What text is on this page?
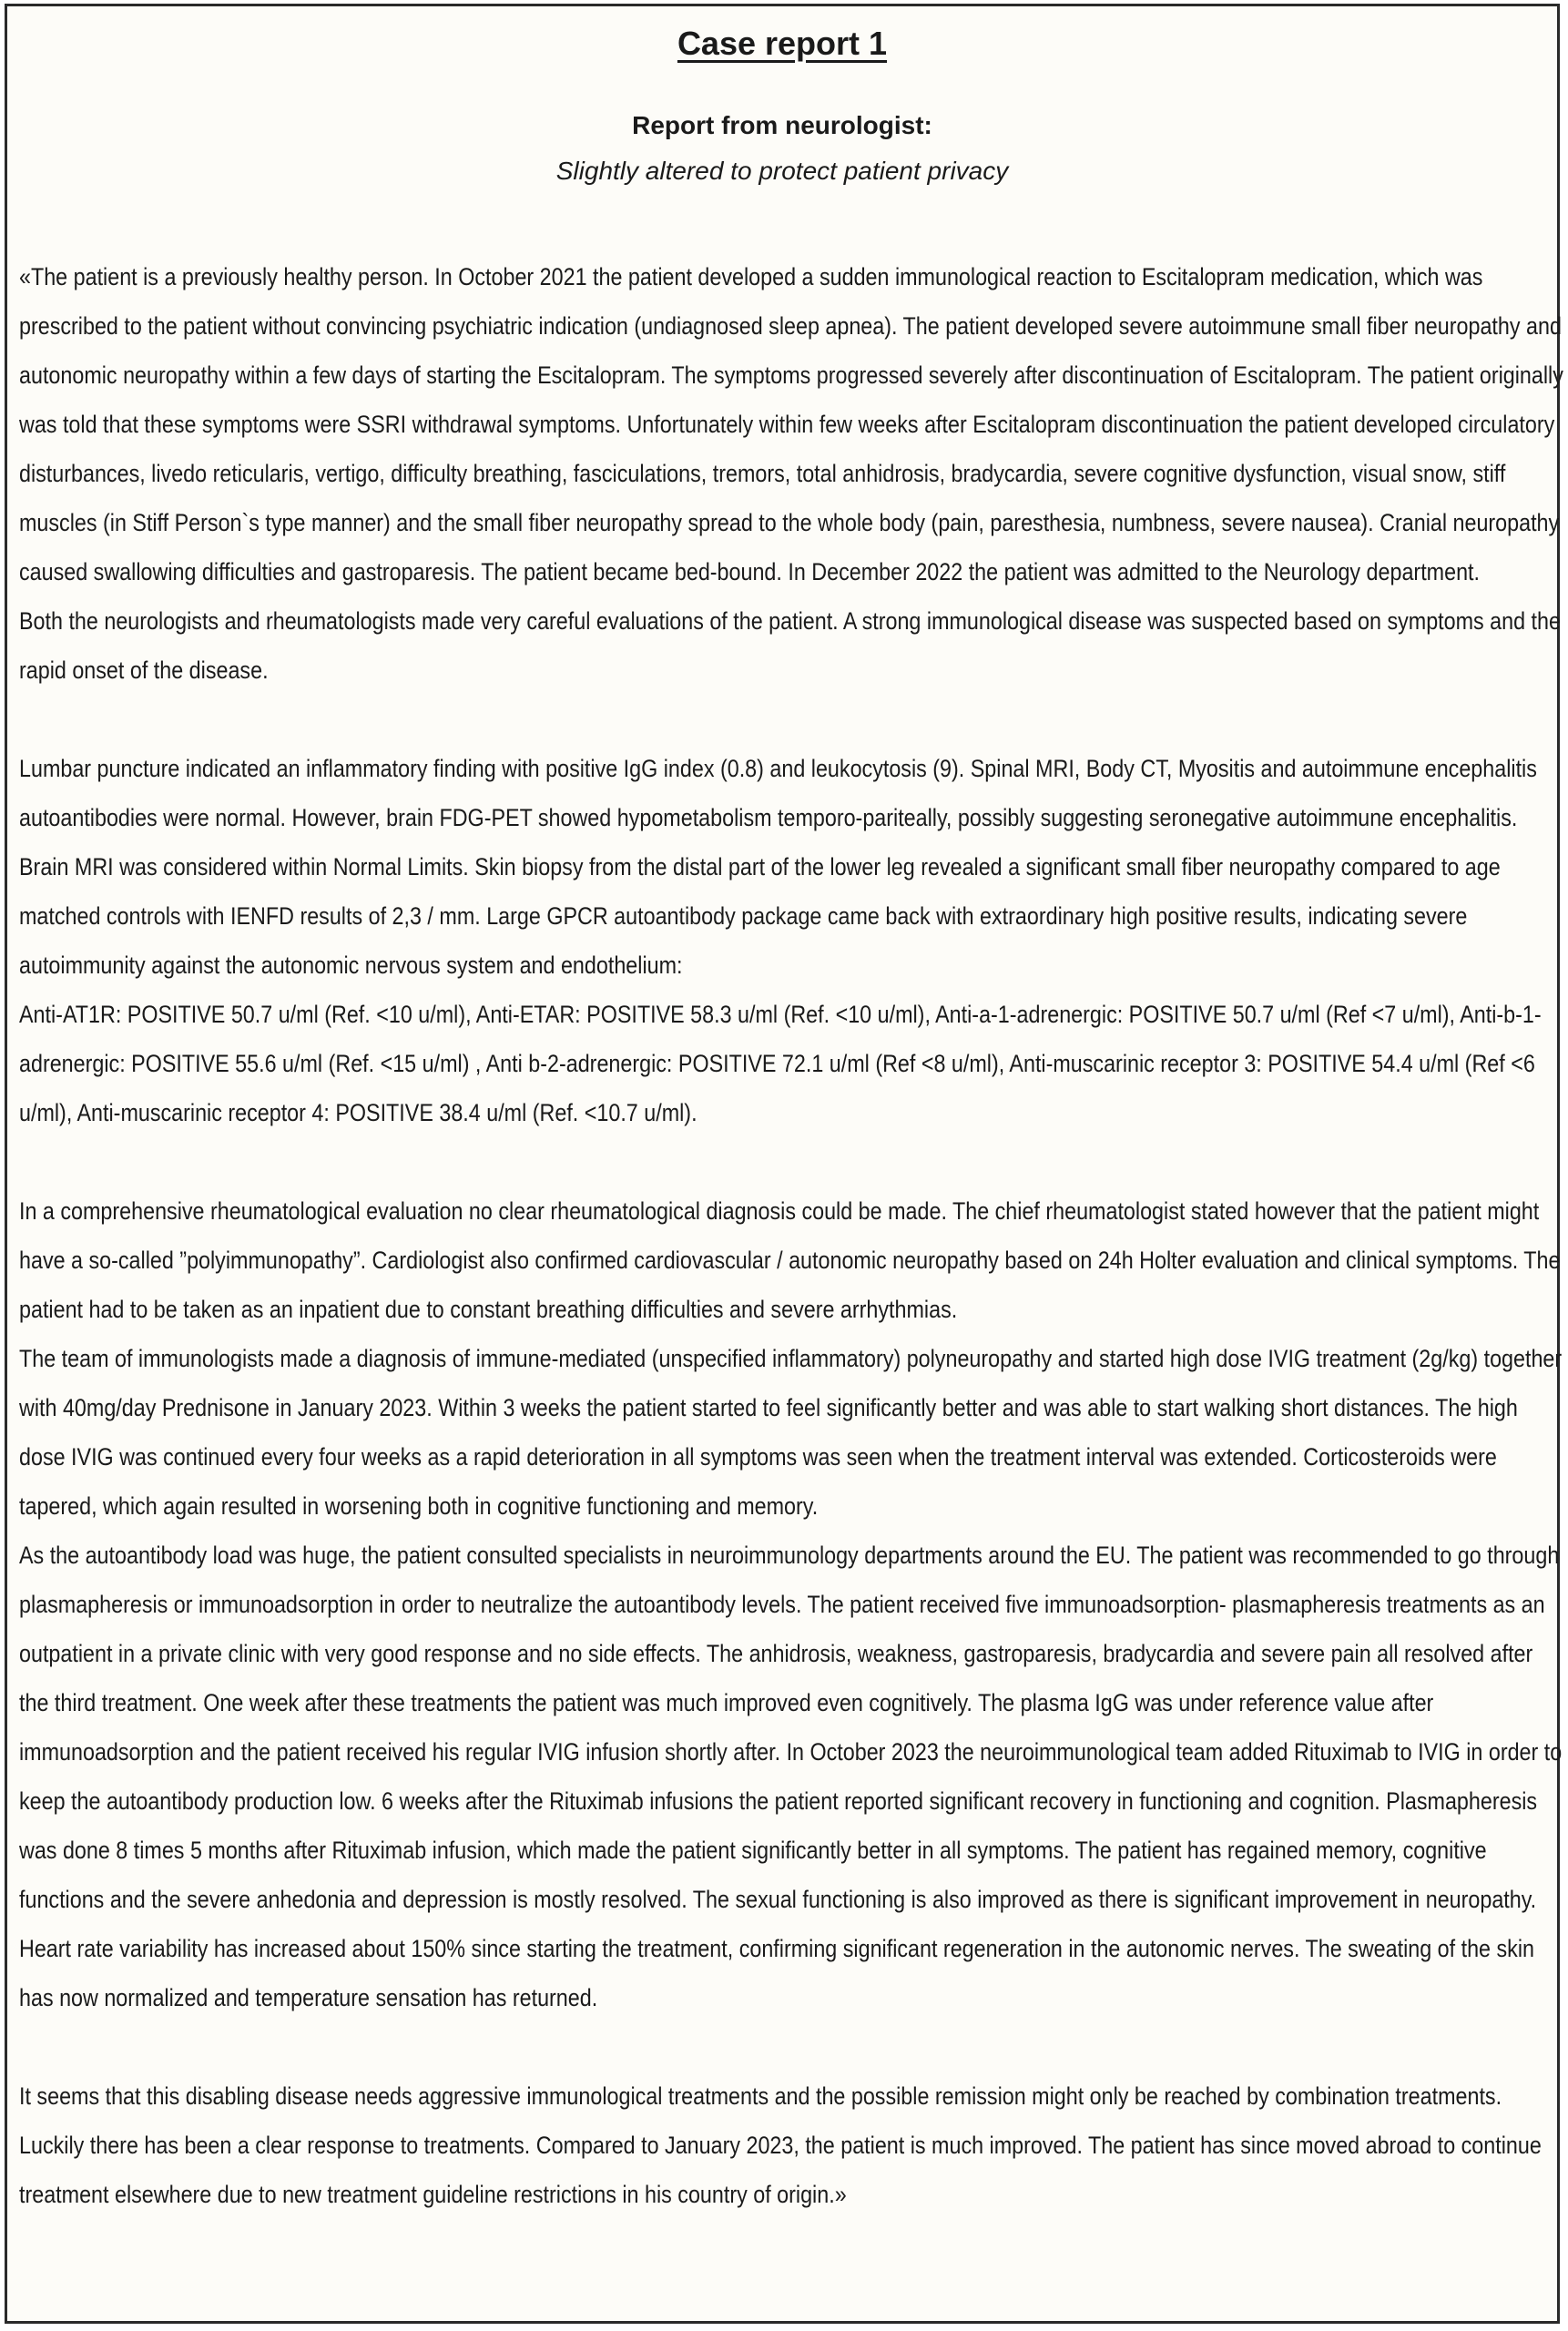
Case report 1
Report from neurologist:
Slightly altered to protect patient privacy
«The patient is a previously healthy person. In October 2021 the patient developed a sudden immunological reaction to Escitalopram medication, which was prescribed to the patient without convincing psychiatric indication (undiagnosed sleep apnea). The patient developed severe autoimmune small fiber neuropathy and autonomic neuropathy within a few days of starting the Escitalopram. The symptoms progressed severely after discontinuation of Escitalopram. The patient originally was told that these symptoms were SSRI withdrawal symptoms. Unfortunately within few weeks after Escitalopram discontinuation the patient developed circulatory disturbances, livedo reticularis, vertigo, difficulty breathing, fasciculations, tremors, total anhidrosis, bradycardia, severe cognitive dysfunction, visual snow, stiff muscles (in Stiff Person`s type manner) and the small fiber neuropathy spread to the whole body (pain, paresthesia, numbness, severe nausea). Cranial neuropathy caused swallowing difficulties and gastroparesis. The patient became bed-bound. In December 2022 the patient was admitted to the Neurology department.
Both the neurologists and rheumatologists made very careful evaluations of the patient. A strong immunological disease was suspected based on symptoms and the rapid onset of the disease.
Lumbar puncture indicated an inflammatory finding with positive IgG index (0.8) and leukocytosis (9). Spinal MRI, Body CT, Myositis and autoimmune encephalitis autoantibodies were normal. However, brain FDG-PET showed hypometabolism temporo-pariteally, possibly suggesting seronegative autoimmune encephalitis. Brain MRI was considered within Normal Limits. Skin biopsy from the distal part of the lower leg revealed a significant small fiber neuropathy compared to age matched controls with IENFD results of 2,3 / mm. Large GPCR autoantibody package came back with extraordinary high positive results, indicating severe autoimmunity against the autonomic nervous system and endothelium:
Anti-AT1R: POSITIVE 50.7 u/ml (Ref. <10 u/ml), Anti-ETAR: POSITIVE 58.3 u/ml (Ref. <10 u/ml), Anti-a-1-adrenergic: POSITIVE 50.7 u/ml (Ref <7 u/ml), Anti-b-1-adrenergic: POSITIVE 55.6 u/ml (Ref. <15 u/ml) , Anti b-2-adrenergic: POSITIVE 72.1 u/ml (Ref <8 u/ml), Anti-muscarinic receptor 3: POSITIVE 54.4 u/ml (Ref <6 u/ml), Anti-muscarinic receptor 4: POSITIVE 38.4 u/ml (Ref. <10.7 u/ml).
In a comprehensive rheumatological evaluation no clear rheumatological diagnosis could be made. The chief rheumatologist stated however that the patient might have a so-called ”polyimmunopathy”. Cardiologist also confirmed cardiovascular / autonomic neuropathy based on 24h Holter evaluation and clinical symptoms. The patient had to be taken as an inpatient due to constant breathing difficulties and severe arrhythmias.
The team of immunologists made a diagnosis of immune-mediated (unspecified inflammatory) polyneuropathy and started high dose IVIG treatment (2g/kg) together with 40mg/day Prednisone in January 2023. Within 3 weeks the patient started to feel significantly better and was able to start walking short distances. The high dose IVIG was continued every four weeks as a rapid deterioration in all symptoms was seen when the treatment interval was extended. Corticosteroids were tapered, which again resulted in worsening both in cognitive functioning and memory.
As the autoantibody load was huge, the patient consulted specialists in neuroimmunology departments around the EU. The patient was recommended to go through plasmapheresis or immunoadsorption in order to neutralize the autoantibody levels. The patient received five immunoadsorption- plasmapheresis treatments as an outpatient in a private clinic with very good response and no side effects. The anhidrosis, weakness, gastroparesis, bradycardia and severe pain all resolved after the third treatment. One week after these treatments the patient was much improved even cognitively. The plasma IgG was under reference value after immunoadsorption and the patient received his regular IVIG infusion shortly after. In October 2023 the neuroimmunological team added Rituximab to IVIG in order to keep the autoantibody production low. 6 weeks after the Rituximab infusions the patient reported significant recovery in functioning and cognition. Plasmapheresis was done 8 times 5 months after Rituximab infusion, which made the patient significantly better in all symptoms. The patient has regained memory, cognitive functions and the severe anhedonia and depression is mostly resolved. The sexual functioning is also improved as there is significant improvement in neuropathy. Heart rate variability has increased about 150% since starting the treatment, confirming significant regeneration in the autonomic nerves. The sweating of the skin has now normalized and temperature sensation has returned.
It seems that this disabling disease needs aggressive immunological treatments and the possible remission might only be reached by combination treatments. Luckily there has been a clear response to treatments. Compared to January 2023, the patient is much improved. The patient has since moved abroad to continue treatment elsewhere due to new treatment guideline restrictions in his country of origin.»
